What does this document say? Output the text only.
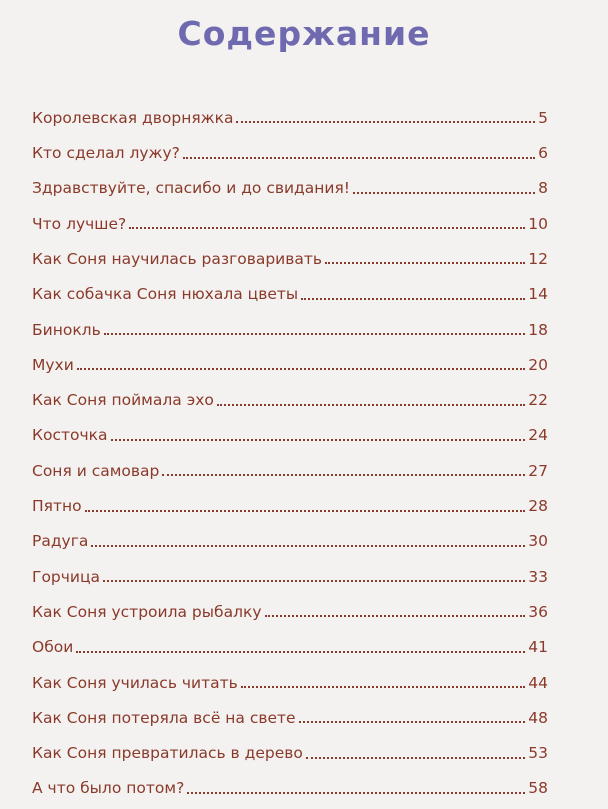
Содержание
Королевская дворняжка	5
Кто сделал лужу?	6
Здравствуйте, спасибо и до свидания!	8
Что лучше?	10
Как Соня научилась разговаривать	12
Как собачка Соня нюхала цветы	14
Бинокль	18
Мухи	20
Как Соня поймала эхо	22
Косточка	24
Соня и самовар	27
Пятно	28
Радуга	30
Горчица	33
Как Соня устроила рыбалку	36
Обои	41
Как Соня училась читать	44
Как Соня потеряла всё на свете	48
Как Соня превратилась в дерево	53
А что было потом?	58
